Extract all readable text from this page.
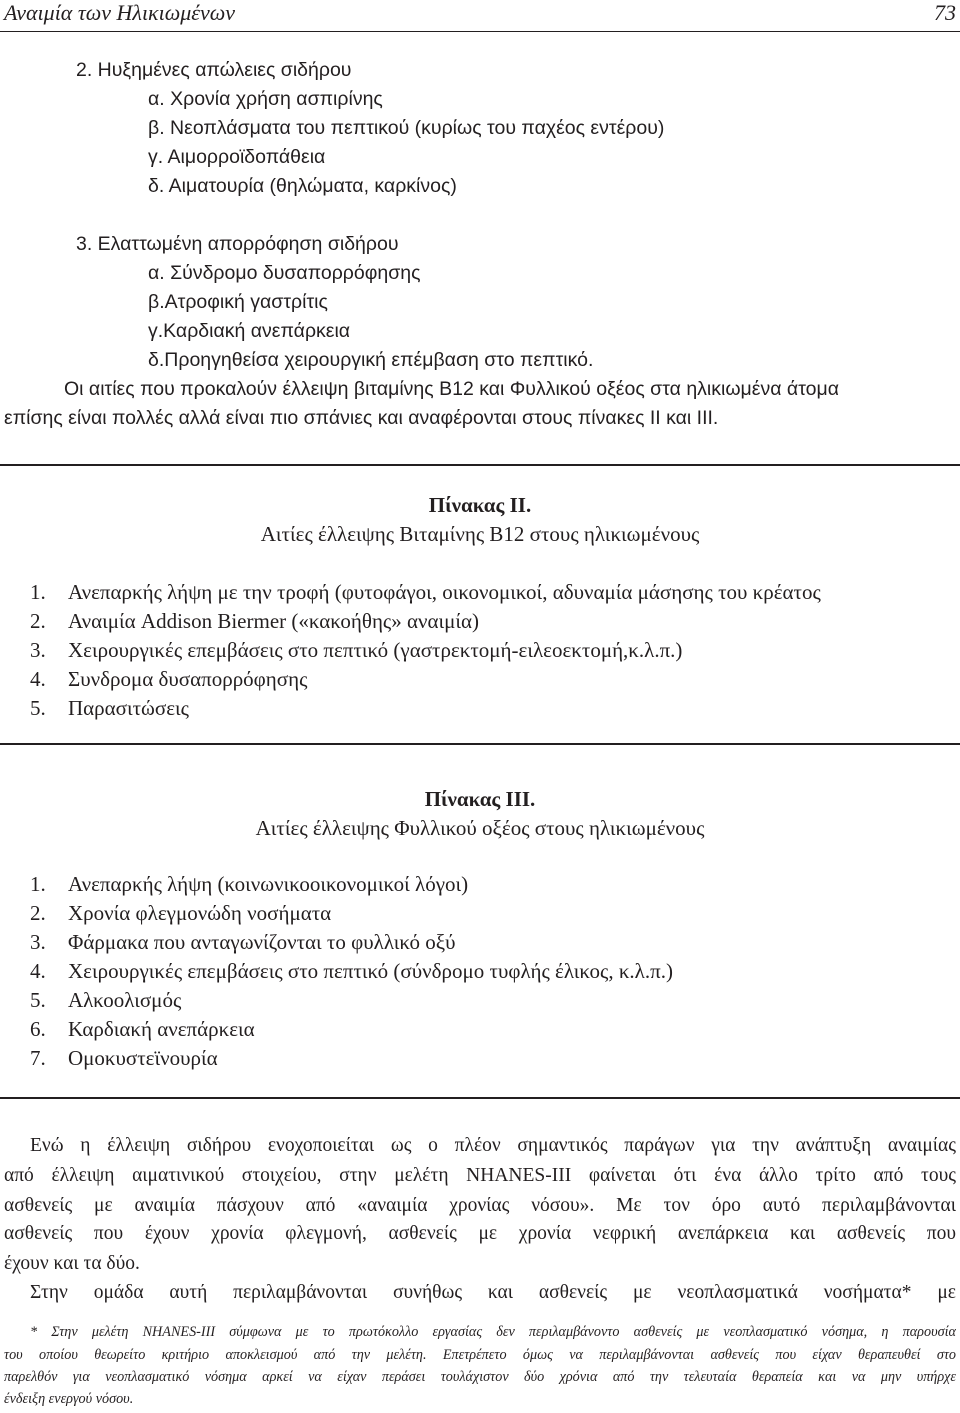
Αναιμία των Ηλικιωμένων	73
2. Ηυξημένες απώλειες σιδήρου
α. Χρονία χρήση ασπιρίνης
β. Νεοπλάσματα του πεπτικού (κυρίως του παχέος εντέρου)
γ. Αιμορροϊδοπάθεια
δ. Αιματουρία (θηλώματα, καρκίνος)
3. Ελαττωμένη απορρόφηση σιδήρου
α. Σύνδρομο δυσαπορρόφησης
β.Ατροφική γαστρίτις
γ.Καρδιακή ανεπάρκεια
δ.Προηγηθείσα χειρουργική επέμβαση στο πεπτικό.
Οι αιτίες που προκαλούν έλλειψη βιταμίνης Β12 και Φυλλικού οξέος στα ηλικιωμένα άτομα
επίσης είναι πολλές αλλά είναι πιο σπάνιες και αναφέρονται στους πίνακες ΙΙ και ΙΙΙ.
Πίνακας ΙΙ.
Αιτίες έλλειψης Βιταμίνης Β12 στους ηλικιωμένους
1. Ανεπαρκής λήψη με την τροφή (φυτοφάγοι, οικονομικοί, αδυναμία μάσησης του κρέατος
2. Αναιμία Addison Biermer («κακοήθης» αναιμία)
3. Χειρουργικές επεμβάσεις στο πεπτικό (γαστρεκτομή-ειλεοεκτομή,κ.λ.π.)
4. Συνδρομα δυσαπορρόφησης
5. Παρασιτώσεις
Πίνακας ΙΙΙ.
Αιτίες έλλειψης Φυλλικού οξέος στους ηλικιωμένους
1. Ανεπαρκής λήψη (κοινωνικοοικονομικοί λόγοι)
2. Χρονία φλεγμονώδη νοσήματα
3. Φάρμακα που ανταγωνίζονται το φυλλικό οξύ
4. Χειρουργικές επεμβάσεις στο πεπτικό (σύνδρομο τυφλής έλικος, κ.λ.π.)
5. Αλκοολισμός
6. Καρδιακή ανεπάρκεια
7. Ομοκυστεϊνουρία
Ενώ η έλλειψη σιδήρου ενοχοποιείται ως ο πλέον σημαντικός παράγων για την ανάπτυξη αναιμίας
από έλλειψη αιματινικού στοιχείου, στην μελέτη NHANES-III φαίνεται ότι ένα άλλο τρίτο από τους
ασθενείς με αναιμία πάσχουν από «αναιμία χρονίας νόσου». Με τον όρο αυτό περιλαμβάνονται
ασθενείς που έχουν χρονία φλεγμονή, ασθενείς με χρονία νεφρική ανεπάρκεια και ασθενείς που
έχουν και τα δύο.
Στην ομάδα αυτή περιλαμβάνονται συνήθως και ασθενείς με νεοπλασματικά νοσήματα* με
* Στην μελέτη NHANES-III σύμφωνα με το πρωτόκολλο εργασίας δεν περιλαμβάνοντο ασθενείς με νεοπλασματικό νόσημα, η παρουσία
του οποίου θεωρείτο κριτήριο αποκλεισμού από την μελέτη. Επετρέπετο όμως να περιλαμβάνονται ασθενείς που είχαν θεραπευθεί στο
παρελθόν για νεοπλασματικό νόσημα αρκεί να είχαν περάσει τουλάχιστον δύο χρόνια από την τελευταία θεραπεία και να μην υπήρχε
ένδειξη ενεργού νόσου.
